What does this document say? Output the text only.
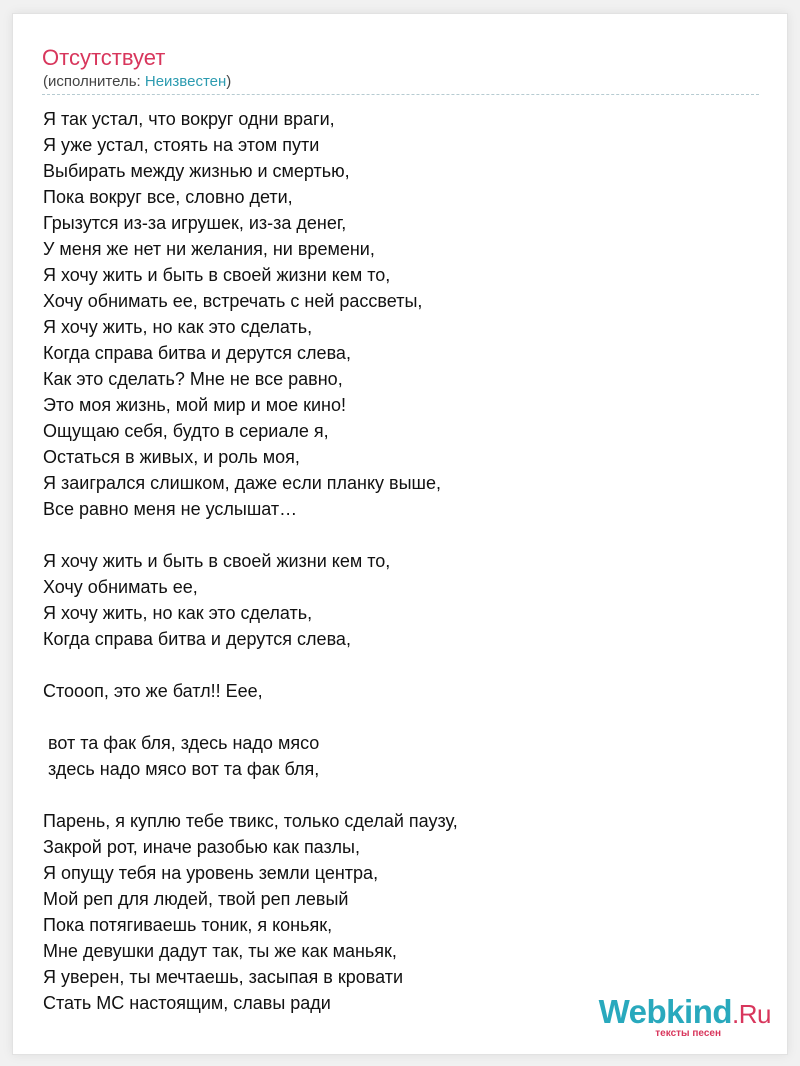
Отсутствует
(исполнитель: Неизвестен)
Я так устал, что вокруг одни враги,
Я уже устал, стоять на этом пути
Выбирать между жизнью и смертью,
Пока вокруг все, словно дети,
Грызутся из-за игрушек, из-за денег,
У меня же нет ни желания, ни времени,
Я хочу жить и быть в своей жизни кем то,
Хочу обнимать ее, встречать с ней рассветы,
Я хочу жить, но как это сделать,
Когда справа битва и дерутся слева,
Как это сделать? Мне не все равно,
Это моя жизнь, мой мир и мое кино!
Ощущаю себя, будто в сериале я,
Остаться в живых, и роль моя,
Я заигрался слишком, даже если планку выше,
Все равно меня не услышат…
Я хочу жить и быть в своей жизни кем то,
Хочу обнимать ее,
Я хочу жить, но как это сделать,
Когда справа битва и дерутся слева,
Стоооп, это же батл!! Еее,
вот та фак бля, здесь надо мясо
здесь надо мясо вот та фак бля,
Парень, я куплю тебе твикс, только сделай паузу,
Закрой рот, иначе разобью как пазлы,
Я опущу тебя на уровень земли центра,
Мой реп для людей, твой реп левый
Пока потягиваешь тоник, я коньяк,
Мне девушки дадут так, ты же как маньяк,
Я уверен, ты мечтаешь, засыпая в кровати
Стать МС настоящим, славы ради	Webkind.Ru
тексты песен
